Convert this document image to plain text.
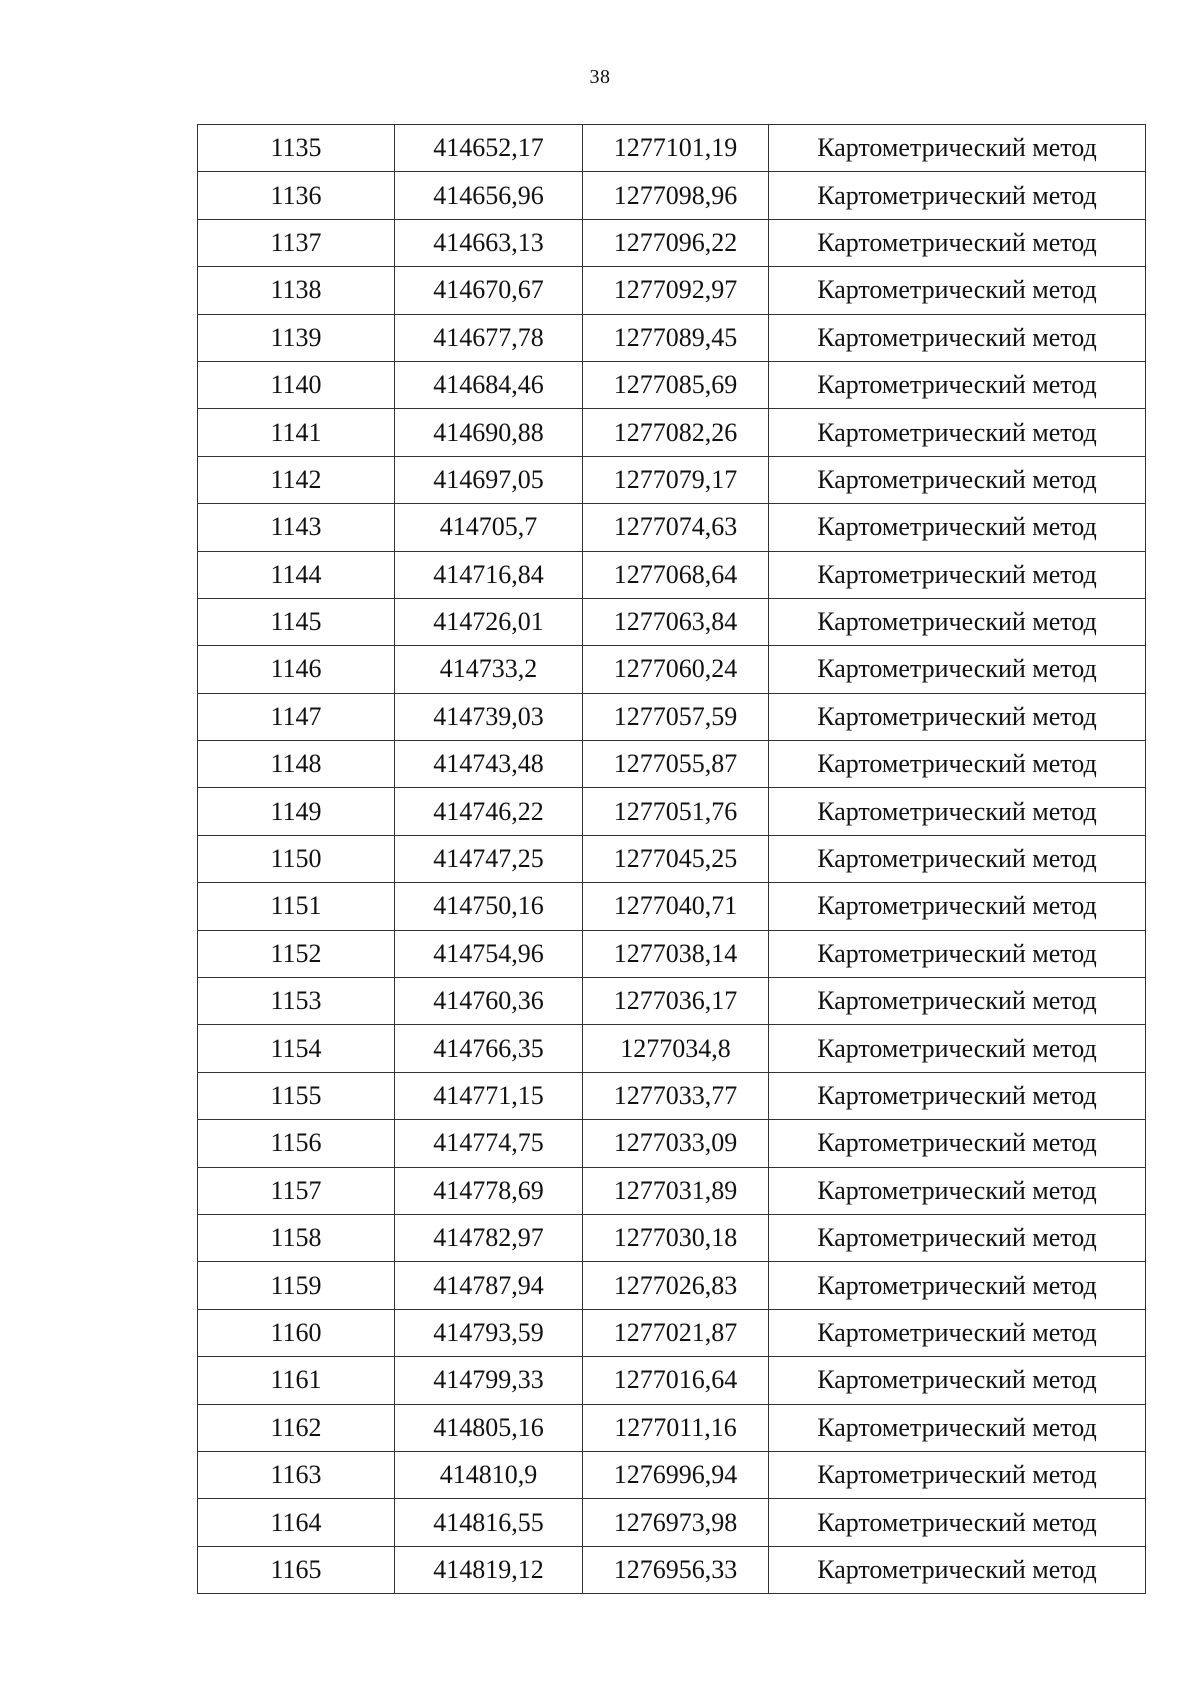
38
1135	414652,17	1277101,19	Картометрический метод
1136	414656,96	1277098,96	Картометрический метод
1137	414663,13	1277096,22	Картометрический метод
1138	414670,67	1277092,97	Картометрический метод
1139	414677,78	1277089,45	Картометрический метод
1140	414684,46	1277085,69	Картометрический метод
1141	414690,88	1277082,26	Картометрический метод
1142	414697,05	1277079,17	Картометрический метод
1143	414705,7	1277074,63	Картометрический метод
1144	414716,84	1277068,64	Картометрический метод
1145	414726,01	1277063,84	Картометрический метод
1146	414733,2	1277060,24	Картометрический метод
1147	414739,03	1277057,59	Картометрический метод
1148	414743,48	1277055,87	Картометрический метод
1149	414746,22	1277051,76	Картометрический метод
1150	414747,25	1277045,25	Картометрический метод
1151	414750,16	1277040,71	Картометрический метод
1152	414754,96	1277038,14	Картометрический метод
1153	414760,36	1277036,17	Картометрический метод
1154	414766,35	1277034,8	Картометрический метод
1155	414771,15	1277033,77	Картометрический метод
1156	414774,75	1277033,09	Картометрический метод
1157	414778,69	1277031,89	Картометрический метод
1158	414782,97	1277030,18	Картометрический метод
1159	414787,94	1277026,83	Картометрический метод
1160	414793,59	1277021,87	Картометрический метод
1161	414799,33	1277016,64	Картометрический метод
1162	414805,16	1277011,16	Картометрический метод
1163	414810,9	1276996,94	Картометрический метод
1164	414816,55	1276973,98	Картометрический метод
1165	414819,12	1276956,33	Картометрический метод
